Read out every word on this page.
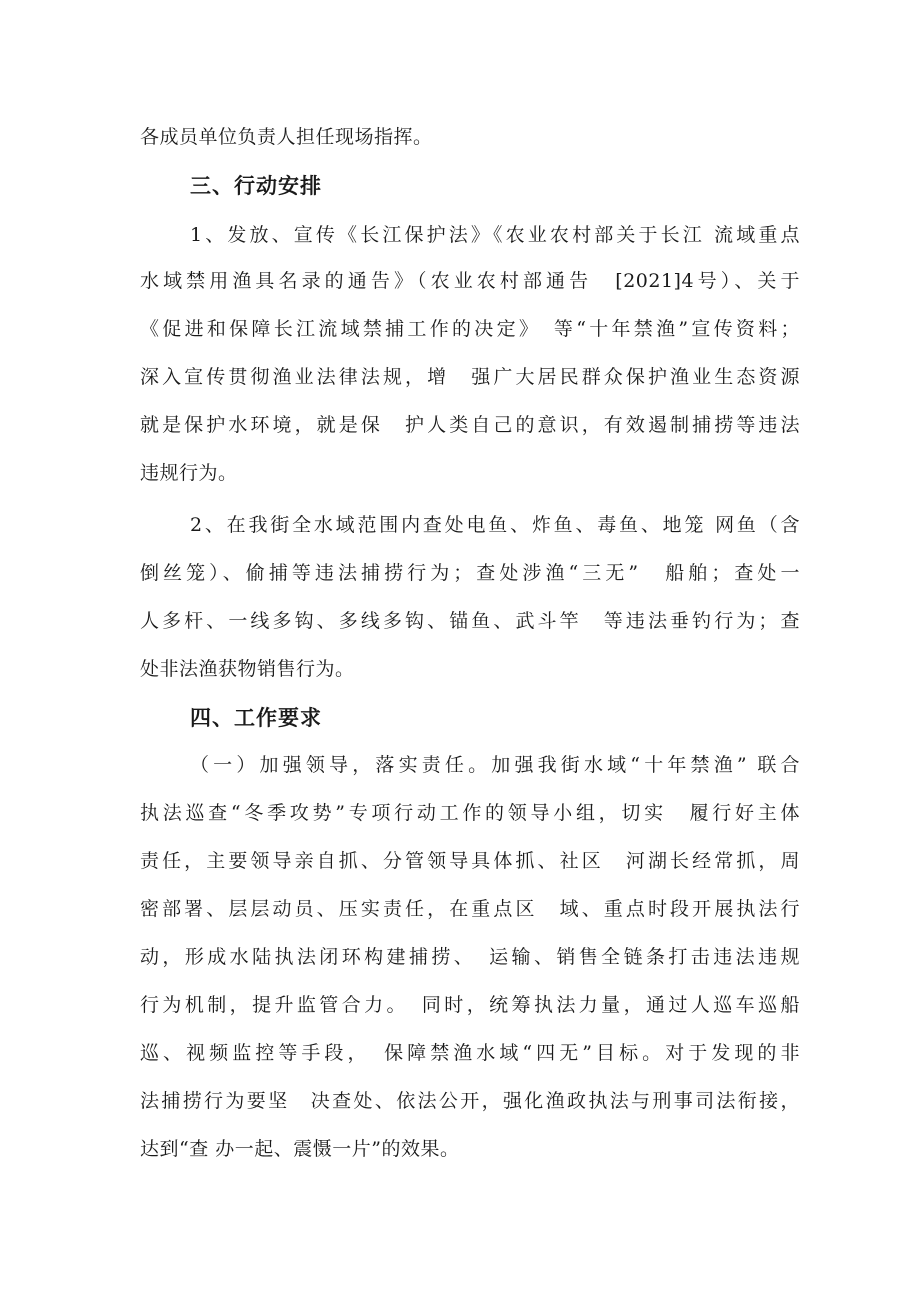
各成员单位负责人担任现场指挥。
三、行动安排
1、发放、宣传《长江保护法》《农业农村部关于长江 流域重点
水域禁用渔具名录的通告》（农业农村部通告　[2021]4号）、关于
《促进和保障长江流域禁捕工作的决定》　等“十年禁渔”宣传资料；
深入宣传贯彻渔业法律法规，增　强广大居民群众保护渔业生态资源
就是保护水环境，就是保　护人类自己的意识，有效遏制捕捞等违法
违规行为。
2、在我街全水域范围内查处电鱼、炸鱼、毒鱼、地笼 网鱼（含
倒丝笼）、偷捕等违法捕捞行为；查处涉渔“三无”　船舶；查处一
人多杆、一线多钩、多线多钩、锚鱼、武斗竿　等违法垂钓行为；查
处非法渔获物销售行为。
四、工作要求
（一）加强领导，落实责任。加强我街水域“十年禁渔” 联合
执法巡查“冬季攻势”专项行动工作的领导小组，切实　履行好主体
责任，主要领导亲自抓、分管领导具体抓、社区　河湖长经常抓，周
密部署、层层动员、压实责任，在重点区　域、重点时段开展执法行
动，形成水陆执法闭环构建捕捞、　运输、销售全链条打击违法违规
行为机制，提升监管合力。　同时，统筹执法力量，通过人巡车巡船
巡、视频监控等手段，　保障禁渔水域“四无”目标。对于发现的非
法捕捞行为要坚　决查处、依法公开，强化渔政执法与刑事司法衔接，
达到“查 办一起、震慑一片”的效果。
